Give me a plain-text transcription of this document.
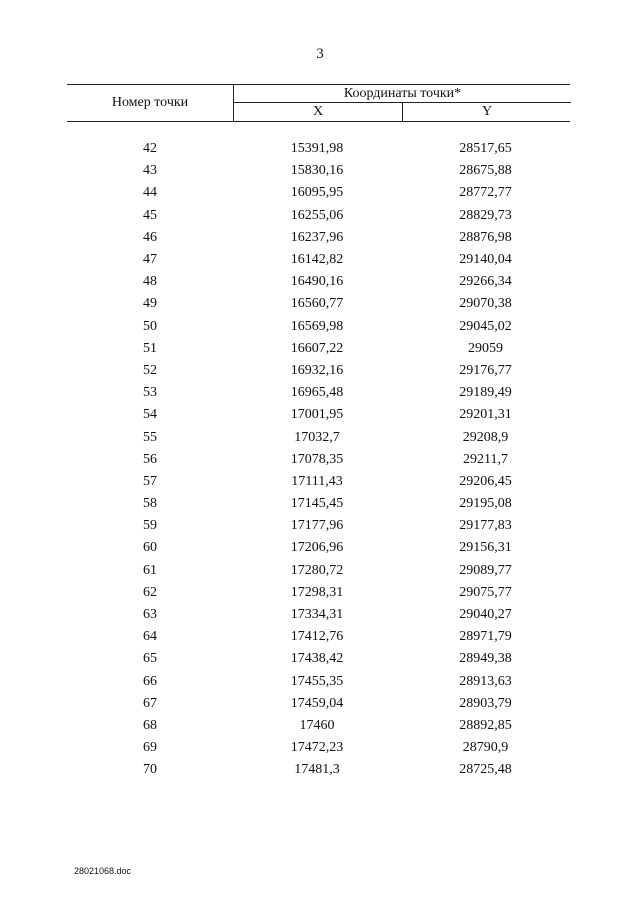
3
Номер точки
Координаты точки*
X	Y
42	15391,98	28517,65
43	15830,16	28675,88
44	16095,95	28772,77
45	16255,06	28829,73
46	16237,96	28876,98
47	16142,82	29140,04
48	16490,16	29266,34
49	16560,77	29070,38
50	16569,98	29045,02
51	16607,22	29059
52	16932,16	29176,77
53	16965,48	29189,49
54	17001,95	29201,31
55	17032,7	29208,9
56	17078,35	29211,7
57	17111,43	29206,45
58	17145,45	29195,08
59	17177,96	29177,83
60	17206,96	29156,31
61	17280,72	29089,77
62	17298,31	29075,77
63	17334,31	29040,27
64	17412,76	28971,79
65	17438,42	28949,38
66	17455,35	28913,63
67	17459,04	28903,79
68	17460	28892,85
69	17472,23	28790,9
70	17481,3	28725,48
28021068.doc
